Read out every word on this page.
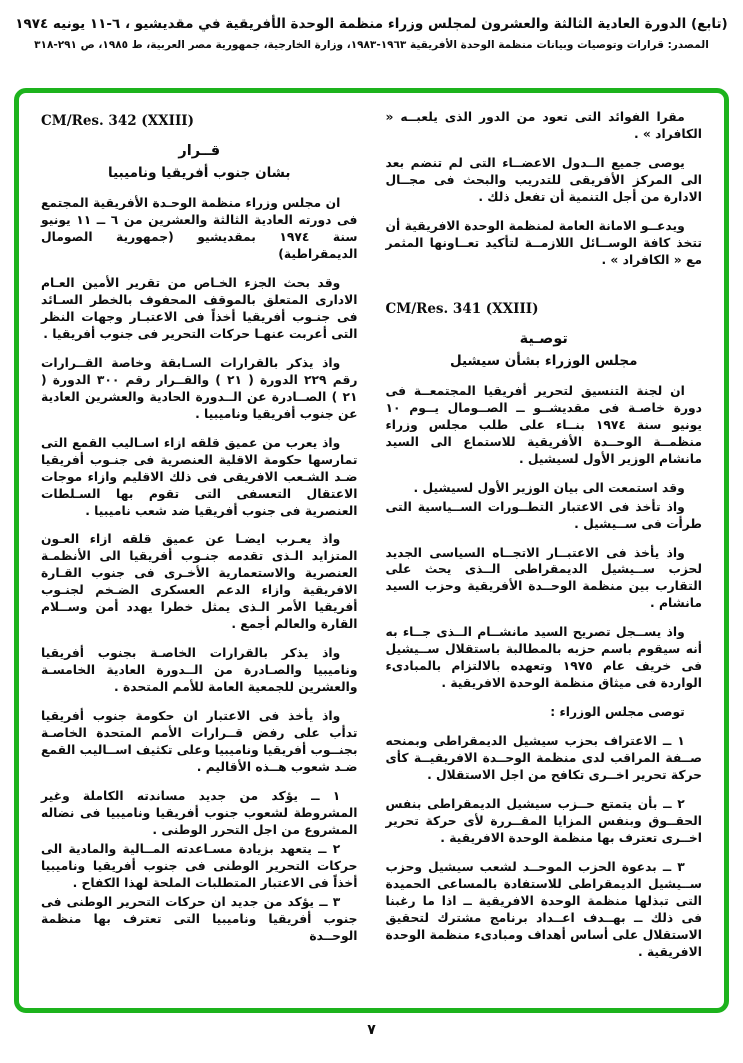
(تابع) الدورة العادية الثالثة والعشرون لمجلس وزراء منظمة الوحدة الأفريقية في مقديشيو ، ٦-١١ يونيه ١٩٧٤
المصدر: قرارات وتوصيات وبيانات منظمة الوحدة الأفريقية ١٩٦٣-١٩٨٣، وزارة الخارجية، جمهورية مصر العربية، ط ١٩٨٥، ص ٢٩١-٣١٨

مقرا الفوائد التى تعود من الدور الذى يلعبــه « الكافراد » .

يوصى جميع الــدول الاعضــاء التى لم تنضم بعد الى المركز الأفريقى للتدريب والبحث فى مجــال الادارة من أجل التنمية أن تفعل ذلك .

ويدعــو الامانة العامة لمنظمة الوحدة الافريقية أن تتخذ كافة الوســائل اللازمــة لتأكيد تعــاونها المثمر مع « الكافراد » .

CM/Res. 341 (XXIII)
توصـية
مجلس الوزراء بشأن سيشيل

ان لجنة التنسيق لتحرير أفريقيا المجتمعــة فى دورة خاصـة فى مقديشــو ــ الصــومال يــوم ١٠ يونيو سنة ١٩٧٤ بنــاء على طلب مجلس وزراء منظمــة الوحــدة الأفريقية للاستماع الى السيد مانشام الوزير الأول لسيشيل .

وقد استمعت الى بيان الوزير الأول لسيشيل .

واذ تأخذ فى الاعتبار التطــورات الســياسية التى طرأت فى ســيشيل .

واذ يأخذ فى الاعتبــار الاتجــاه السياسى الجديد لحزب ســيشيل الديمقراطى الــذى يحث على التقارب بين منظمة الوحــدة الأفريقية وحزب السيد مانشام .

واذ يســجل تصريح السيد مانشــام الــذى جــاء به أنه سيقوم باسم حزبه بالمطالبة باستقلال ســيشيل فى خريف عام ١٩٧٥ وتعهده بالالتزام بالمبادىء الواردة فى ميثاق منظمة الوحدة الافريقية .

توصى مجلس الوزراء :

١ ــ الاعتراف بحزب سيشيل الديمقراطى وبمنحه صــفة المراقب لدى منظمة الوحــدة الافريقيــة كأى حركة تحرير اخــرى تكافح من اجل الاستقلال .

٢ ــ بأن يتمتع حــزب سيشيل الديمقراطى بنفس الحقــوق وبنفس المزايا المقــررة لأى حركة تحرير اخــرى تعترف بها منظمة الوحدة الافريقية .

٣ ــ بدعوة الحزب الموحــد لشعب سيشيل وحزب ســيشيل الديمقراطى للاستفادة بالمساعى الحميدة التى تبذلها منظمة الوحدة الافريقية ــ اذا ما رغبنا فى ذلك ــ بهــدف اعــداد برنامج مشترك لتحقيق الاستقلال على أساس أهداف ومبادىء منظمة الوحدة الافريقية .

CM/Res. 342 (XXIII)
قــرار
بشان جنوب أفريقيا وناميبيا

ان مجلس وزراء منظمة الوحـدة الأفريقية المجتمع فى دورته العادية الثالثة والعشرين من ٦ ــ ١١ يونيو سنة ١٩٧٤ بمقديشيو (جمهورية الصومال الديمقراطية)

وقد بحث الجزء الخـاص من تقرير الأمين العـام الادارى المتعلق بالموقف المحفوف بالخطر السـائد فى جنـوب أفريقيا أخذاً فى الاعتبـار وجهات النظر التى أعربت عنهـا حركات التحرير فى جنوب أفريقيا .

واذ يذكر بالقرارات السـابقة وخاصة القــرارات رقم ٢٢٩ الدورة ( ٢١ ) والقــرار رقم ٣٠٠ الدورة ( ٢١ ) الصــادرة عن الــدورة الحادية والعشرين العادية عن جنوب أفريقيا وناميبيا .

واذ يعرب من عميق قلقه ازاء اسـاليب القمع التى تمارسها حكومة الاقلية العنصرية فى جنـوب أفريقيا ضـد الشـعب الافريقى فى ذلك الاقليم وازاء موجات الاعتقال التعسفى التى تقوم بها السـلطات العنصرية فى جنوب أفريقيا ضد شعب ناميبيا .

واذ يعـرب ايضـا عن عميق قلقه ازاء العـون المتزايد الـذى تقدمه جنـوب أفريقيا الى الأنظمـة العنصرية والاستعمارية الأخـرى فى جنوب القـارة الافريقية وازاء الدعم العسكرى الضـخم لجنـوب أفريقيا الأمر الـذى يمثل خطرا يهدد أمن وســلام القارة والعالم أجمع .

واذ يذكر بالقرارات الخاصـة بجنوب أفريقيا وناميبيا والصـادرة من الــدورة العادية الخامسـة والعشرين للجمعية العامة للأمم المتحدة .

واذ يأخذ فى الاعتبار ان حكومة جنوب أفريقيا تدأب على رفض قــرارات الأمم المتحدة الخاصـة بجنــوب أفريقيا وناميبيا وعلى تكثيف اســاليب القمع ضـد شعوب هــذه الأقاليم .

١ ــ يؤكد من جديد مساندته الكاملة وغير المشروطة لشعوب جنوب أفريقيا وناميبيا فى نضاله المشروع من اجل التحرر الوطنى .

٢ ــ يتعهد بزيادة مسـاعدته المــالية والمادية الى حركات التحرير الوطنى فى جنوب أفريقيا وناميبيا أخذاً فى الاعتبار المتطلبات الملحة لهذا الكفاح .

٣ ــ يؤكد من جديد ان حركات التحرير الوطنى فى جنوب أفريقيا وناميبيا التى تعترف بها منظمة الوحــدة

٧
